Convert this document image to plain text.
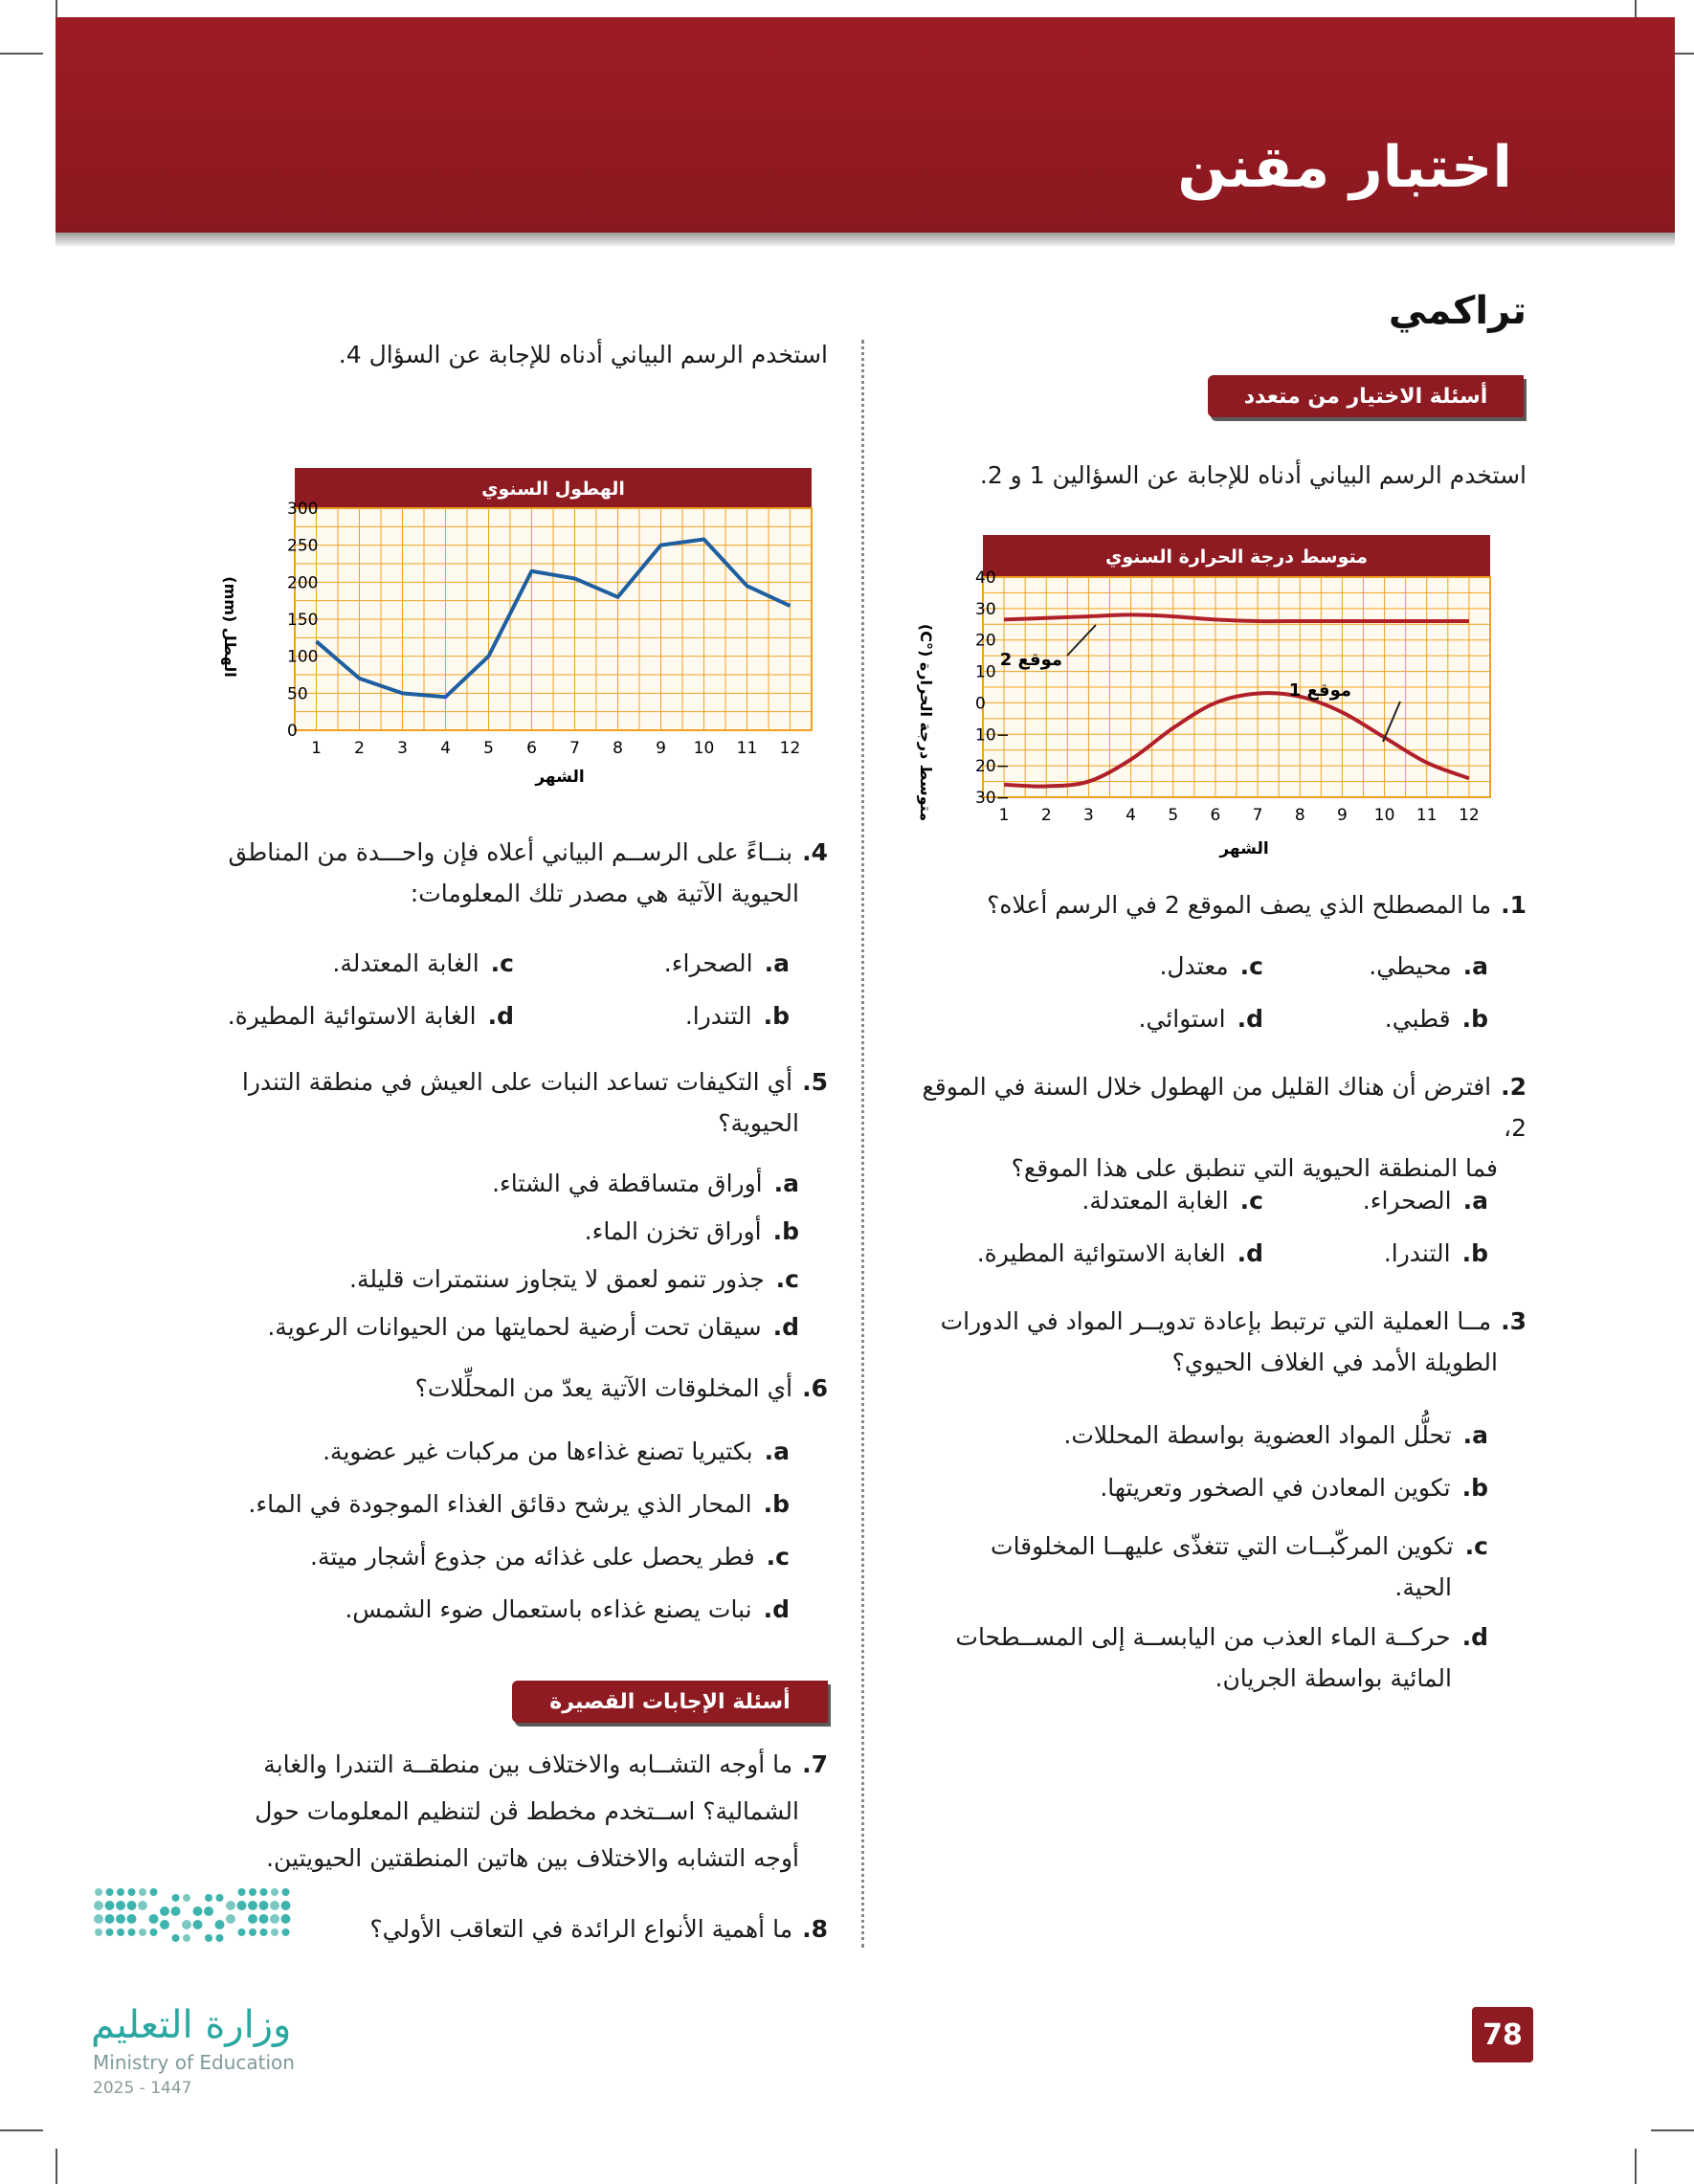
اختبار مقنن
تراكمي
أسئلة الاختيار من متعدد
أسئلة الإجابات القصيرة
استخدم الرسم البياني أدناه للإجابة عن السؤالين 1 و 2.
متوسط درجة الحرارة السنوي
40
30
20
10
0
−10
−20
−30
1 2 3 4 5 6 7 8 9 10 11 12
الشهر
متوسط درجة الحرارة (°C)	موقع 2
موقع 1
1.ما المصطلح الذي يصف الموقع 2 في الرسم أعلاه؟
a.محيطي.
c.معتدل.
b.قطبي.
d.استوائي.
2.افترض أن هناك القليل من الهطول خلال السنة في الموقع 2،
فما المنطقة الحيوية التي تنطبق على هذا الموقع؟
a.الصحراء.
c.الغابة المعتدلة.
b.التندرا.
d.الغابة الاستوائية المطيرة.
3.مــا العملية التي ترتبط بإعادة تدويــر المواد في الدورات
الطويلة الأمد في الغلاف الحيوي؟
a.تحلُّل المواد العضوية بواسطة المحللات.
b.تكوين المعادن في الصخور وتعريتها.
c.تكوين المركّبــات التي تتغذّى عليهــا المخلوقات
الحية.
d.حركــة الماء العذب من اليابســة إلى المســطحات
المائية بواسطة الجريان.
استخدم الرسم البياني أدناه للإجابة عن السؤال 4.
الهطول السنوي
300
250
200
150
100
50
0
1 2 3 4 5 6 7 8 9 10 11 12
الشهر
الهطل (mm)
4.بنــاءً على الرســم البياني أعلاه فإن واحـــدة من المناطق
الحيوية الآتية هي مصدر تلك المعلومات:
a.الصحراء.
c.الغابة المعتدلة.
b.التندرا.
d.الغابة الاستوائية المطيرة.
5.أي التكيفات تساعد النبات على العيش في منطقة التندرا
الحيوية؟
a.أوراق متساقطة في الشتاء.
b.أوراق تخزن الماء.
c.جذور تنمو لعمق لا يتجاوز سنتمترات قليلة.
d.سيقان تحت أرضية لحمايتها من الحيوانات الرعوية.
6.أي المخلوقات الآتية يعدّ من المحلِّلات؟
a.بكتيريا تصنع غذاءها من مركبات غير عضوية.
b.المحار الذي يرشح دقائق الغذاء الموجودة في الماء.
c.فطر يحصل على غذائه من جذوع أشجار ميتة.
d.نبات يصنع غذاءه باستعمال ضوء الشمس.
7.ما أوجه التشــابه والاختلاف بين منطقــة التندرا والغابة
الشمالية؟ اســتخدم مخطط ڤن لتنظيم المعلومات حول
أوجه التشابه والاختلاف بين هاتين المنطقتين الحيويتين.
8.ما أهمية الأنواع الرائدة في التعاقب الأولي؟
وزارة التعليم
Ministry of Education
2025 - 1447
78
